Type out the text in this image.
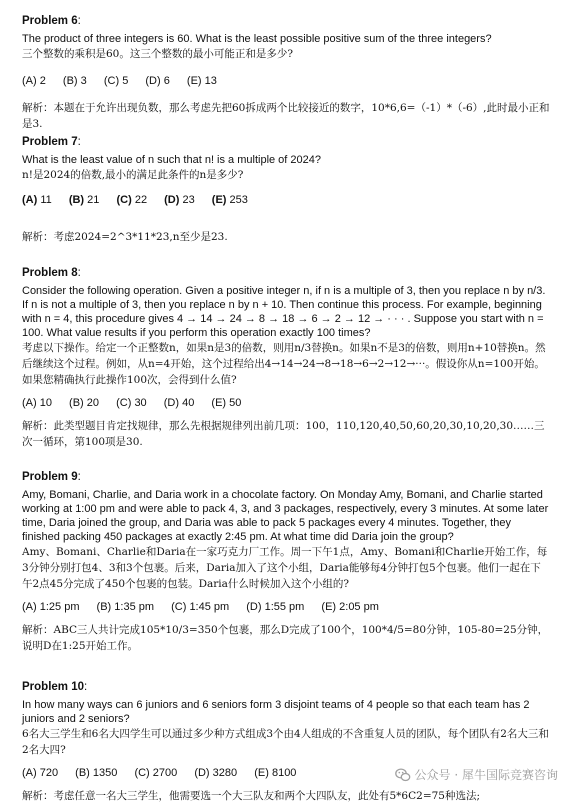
Problem 6:

The product of three integers is 60. What is the least possible positive sum of the three integers?

三个整数的乘积是60。这三个整数的最小可能正和是多少?

(A) 2 (B) 3 (C) 5 (D) 6 (E) 13

解析：本题在于允许出现负数，那么考虑先把60拆成两个比较接近的数字，10*6,6=（-1）*（-6）,此时最小正和是3.

Problem 7:

What is the least value of n such that n! is a multiple of 2024?

n!是2024的倍数,最小的满足此条件的n是多少?

(A) 11 (B) 21 (C) 22 (D) 23 (E) 253

解析：考虑2024=2^3*11*23,n至少是23.

Problem 8:

Consider the following operation. Given a positive integer n, if n is a multiple of 3, then you replace n by n/3. If n is not a multiple of 3, then you replace n by n + 10. Then continue this process. For example, beginning with n = 4, this procedure gives 4 → 14 → 24 → 8 → 18 → 6 → 2 → 12 → · · · . Suppose you start with n = 100. What value results if you perform this operation exactly 100 times?

考虑以下操作。给定一个正整数n，如果n是3的倍数，则用n/3替换n。如果n不是3的倍数，则用n+10替换n。然后继续这个过程。例如，从n=4开始，这个过程给出4→14→24→8→18→6→2→12→···。假设你从n=100开始。如果您精确执行此操作100次，会得到什么值?

(A) 10 (B) 20 (C) 30 (D) 40 (E) 50

解析：此类型题目肯定找规律，那么先根据规律列出前几项：100，110,120,40,50,60,20,30,10,20,30……三次一循环，第100项是30.

Problem 9:

Amy, Bomani, Charlie, and Daria work in a chocolate factory. On Monday Amy, Bomani, and Charlie started working at 1:00 pm and were able to pack 4, 3, and 3 packages, respectively, every 3 minutes. At some later time, Daria joined the group, and Daria was able to pack 5 packages every 4 minutes. Together, they finished packing 450 packages at exactly 2:45 pm. At what time did Daria join the group?

Amy、Bomani、Charlie和Daria在一家巧克力厂工作。周一下午1点，Amy、Bomani和Charlie开始工作，每3分钟分别打包4、3和3个包裹。后来，Daria加入了这个小组，Daria能够每4分钟打包5个包裹。他们一起在下午2点45分完成了450个包裹的包装。Daria什么时候加入这个小组的?

(A) 1:25 pm (B) 1:35 pm (C) 1:45 pm (D) 1:55 pm (E) 2:05 pm

解析：ABC三人共计完成105*10/3=350个包裹，那么D完成了100个，100*4/5=80分钟，105-80=25分钟，说明D在1:25开始工作。

Problem 10:

In how many ways can 6 juniors and 6 seniors form 3 disjoint teams of 4 people so that each team has 2 juniors and 2 seniors?

6名大三学生和6名大四学生可以通过多少种方式组成3个由4人组成的不含重复人员的团队，每个团队有2名大三和2名大四?

(A) 720 (B) 1350 (C) 2700 (D) 3280 (E) 8100

解析：考虑任意一名大三学生，他需要选一个大三队友和两个大四队友，此处有5*6C2=75种选法;

公众号 · 犀牛国际竞赛咨询
